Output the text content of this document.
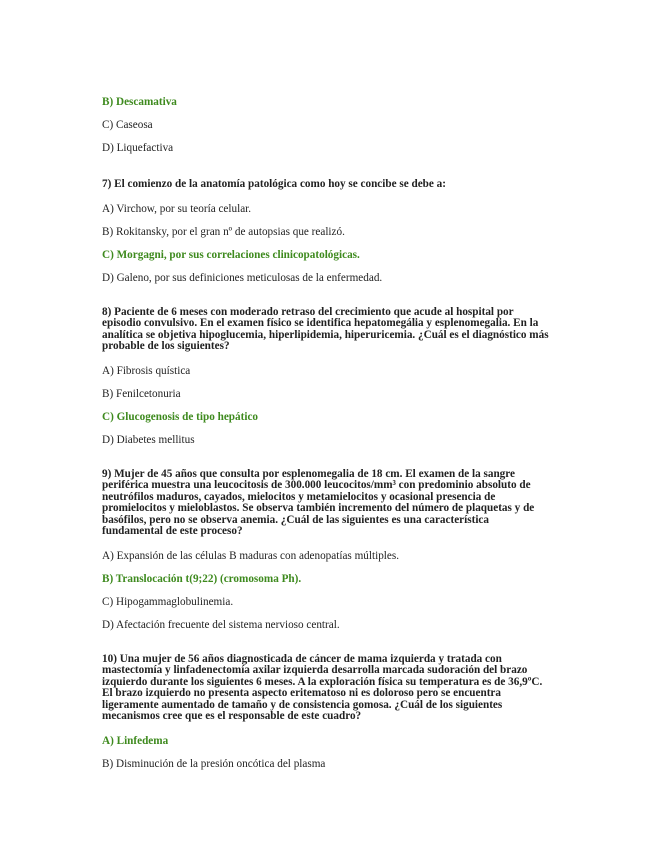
B) Descamativa

C) Caseosa

D) Liquefactiva

7) El comienzo de la anatomía patológica como hoy se concibe se debe a:

A) Virchow, por su teoría celular.

B) Rokitansky, por el gran nº de autopsias que realizó.

C) Morgagni, por sus correlaciones clinicopatológicas.

D) Galeno, por sus definiciones meticulosas de la enfermedad.

8) Paciente de 6 meses con moderado retraso del crecimiento que acude al hospital por
episodio convulsivo. En el examen físico se identifica hepatomegália y esplenomegalia. En la
analítica se objetiva hipoglucemia, hiperlipidemia, hiperuricemia. ¿Cuál es el diagnóstico más
probable de los siguientes?

A) Fibrosis quística

B) Fenilcetonuria

C) Glucogenosis de tipo hepático

D) Diabetes mellitus

9) Mujer de 45 años que consulta por esplenomegalia de 18 cm. El examen de la sangre
periférica muestra una leucocitosis de 300.000 leucocitos/mm³ con predominio absoluto de
neutrófilos maduros, cayados, mielocitos y metamielocitos y ocasional presencia de
promielocitos y mieloblastos. Se observa también incremento del número de plaquetas y de
basófilos, pero no se observa anemia. ¿Cuál de las siguientes es una característica
fundamental de este proceso?

A) Expansión de las células B maduras con adenopatías múltiples.

B) Translocación t(9;22) (cromosoma Ph).

C) Hipogammaglobulinemia.

D) Afectación frecuente del sistema nervioso central.

10) Una mujer de 56 años diagnosticada de cáncer de mama izquierda y tratada con
mastectomía y linfadenectomía axilar izquierda desarrolla marcada sudoración del brazo
izquierdo durante los siguientes 6 meses. A la exploración física su temperatura es de 36,9ºC.
El brazo izquierdo no presenta aspecto eritematoso ni es doloroso pero se encuentra
ligeramente aumentado de tamaño y de consistencia gomosa. ¿Cuál de los siguientes
mecanismos cree que es el responsable de este cuadro?

A) Linfedema

B) Disminución de la presión oncótica del plasma
